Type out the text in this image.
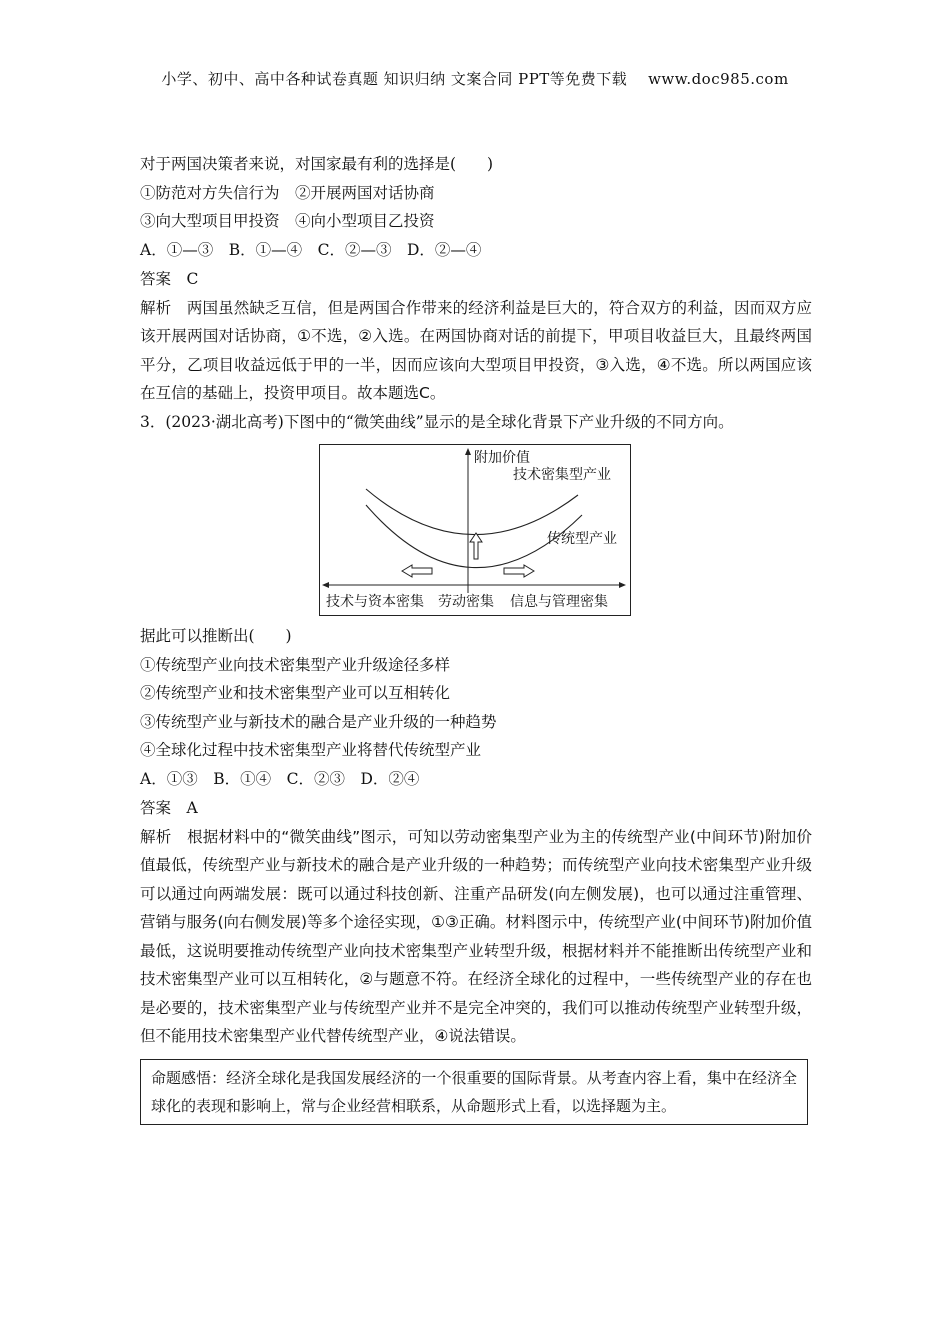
小学、初中、高中各种试卷真题 知识归纳 文案合同 PPT等免费下载　 www.doc985.com
对于两国决策者来说，对国家最有利的选择是(　　)
①防范对方失信行为　②开展两国对话协商
③向大型项目甲投资　④向小型项目乙投资
A．①—③　B．①—④　C．②—③　D．②—④
答案　C
解析　两国虽然缺乏互信，但是两国合作带来的经济利益是巨大的，符合双方的利益，因而双方应该开展两国对话协商，①不选，②入选。在两国协商对话的前提下，甲项目收益巨大，且最终两国平分，乙项目收益远低于甲的一半，因而应该向大型项目甲投资，③入选，④不选。所以两国应该在互信的基础上，投资甲项目。故本题选C。
3．(2023·湖北高考)下图中的“微笑曲线”显示的是全球化背景下产业升级的不同方向。
附加价值
技术密集型产业
传统型产业
技术与资本密集 劳动密集 信息与管理密集
据此可以推断出(　　)
①传统型产业向技术密集型产业升级途径多样
②传统型产业和技术密集型产业可以互相转化
③传统型产业与新技术的融合是产业升级的一种趋势
④全球化过程中技术密集型产业将替代传统型产业
A．①③　B．①④　C．②③　D．②④
答案　A
解析　根据材料中的“微笑曲线”图示，可知以劳动密集型产业为主的传统型产业(中间环节)附加价值最低，传统型产业与新技术的融合是产业升级的一种趋势；而传统型产业向技术密集型产业升级可以通过向两端发展：既可以通过科技创新、注重产品研发(向左侧发展)，也可以通过注重管理、营销与服务(向右侧发展)等多个途径实现，①③正确。材料图示中，传统型产业(中间环节)附加价值最低，这说明要推动传统型产业向技术密集型产业转型升级，根据材料并不能推断出传统型产业和技术密集型产业可以互相转化，②与题意不符。在经济全球化的过程中，一些传统型产业的存在也是必要的，技术密集型产业与传统型产业并不是完全冲突的，我们可以推动传统型产业转型升级，但不能用技术密集型产业代替传统型产业，④说法错误。
命题感悟：经济全球化是我国发展经济的一个很重要的国际背景。从考查内容上看，集中在经济全球化的表现和影响上，常与企业经营相联系，从命题形式上看，以选择题为主。
